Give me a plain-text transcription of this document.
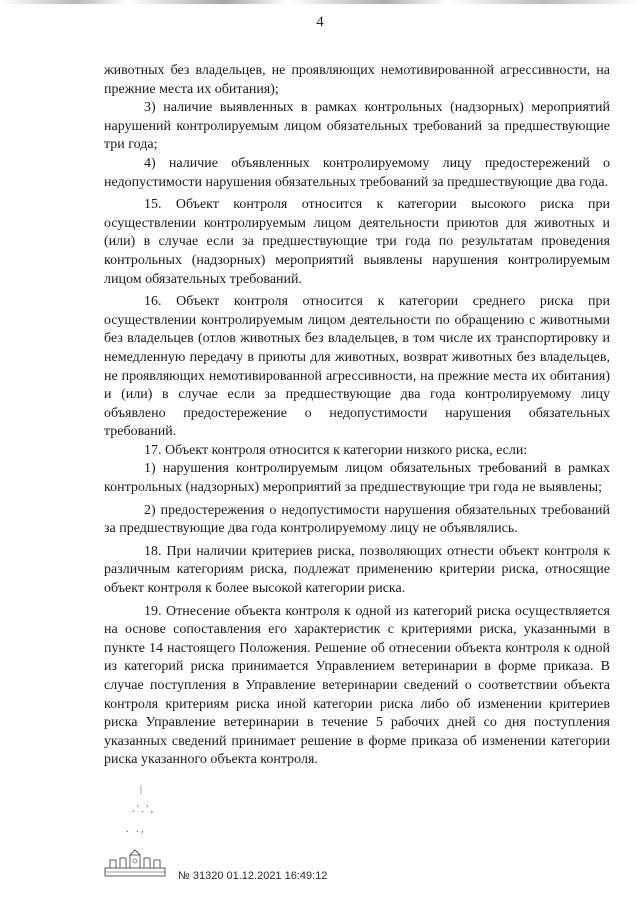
4

животных без владельцев, не проявляющих немотивированной агрессивности, на прежние места их обитания);

3) наличие выявленных в рамках контрольных (надзорных) мероприятий нарушений контролируемым лицом обязательных требований за предшествующие три года;

4) наличие объявленных контролируемому лицу предостережений о недопустимости нарушения обязательных требований за предшествующие два года.

15. Объект контроля относится к категории высокого риска при осуществлении контролируемым лицом деятельности приютов для животных и (или) в случае если за предшествующие три года по результатам проведения контрольных (надзорных) мероприятий выявлены нарушения контролируемым лицом обязательных требований.

16. Объект контроля относится к категории среднего риска при осуществлении контролируемым лицом деятельности по обращению с животными без владельцев (отлов животных без владельцев, в том числе их транспортировку и немедленную передачу в приюты для животных, возврат животных без владельцев, не проявляющих немотивированной агрессивности, на прежние места их обитания) и (или) в случае если за предшествующие два года контролируемому лицу объявлено предостережение о недопустимости нарушения обязательных требований.

17. Объект контроля относится к категории низкого риска, если:

1) нарушения контролируемым лицом обязательных требований в рамках контрольных (надзорных) мероприятий за предшествующие три года не выявлены;

2) предостережения о недопустимости нарушения обязательных требований за предшествующие два года контролируемому лицу не объявлялись.

18. При наличии критериев риска, позволяющих отнести объект контроля к различным категориям риска, подлежат применению критерии риска, относящие объект контроля к более высокой категории риска.

19. Отнесение объекта контроля к одной из категорий риска осуществляется на основе сопоставления его характеристик с критериями риска, указанными в пункте 14 настоящего Положения. Решение об отнесении объекта контроля к одной из категорий риска принимается Управлением ветеринарии в форме приказа. В случае поступления в Управление ветеринарии сведений о соответствии объекта контроля критериям риска иной категории риска либо об изменении критериев риска Управление ветеринарии в течение 5 рабочих дней со дня поступления указанных сведений принимает решение в форме приказа об изменении категории риска указанного объекта контроля.

|
. ' . ' ,
.   . ,
№ 31320 01.12.2021 16:49:12
